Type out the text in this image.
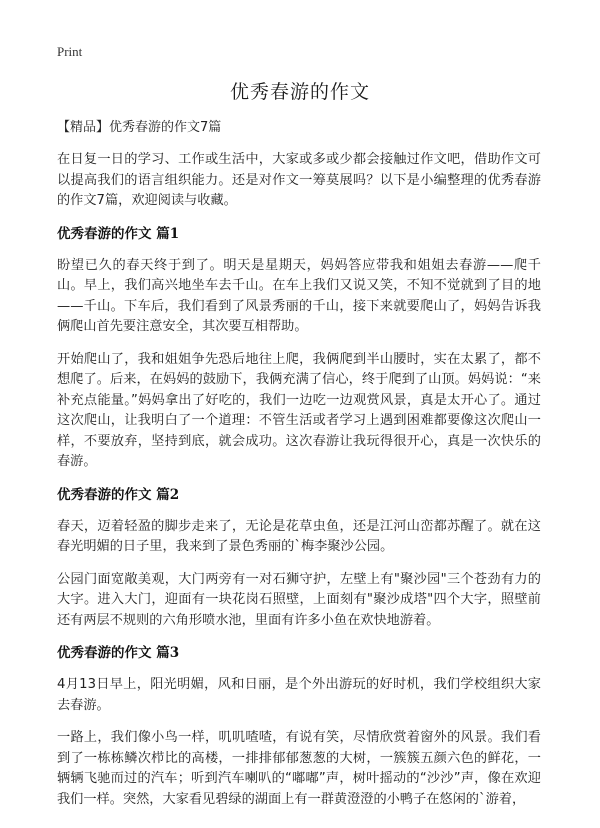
Print
优秀春游的作文
【精品】优秀春游的作文7篇

在日复一日的学习、工作或生活中，大家或多或少都会接触过作文吧，借助作文可以提高我们的语言组织能力。还是对作文一筹莫展吗？以下是小编整理的优秀春游的作文7篇，欢迎阅读与收藏。

优秀春游的作文 篇1

盼望已久的春天终于到了。明天是星期天，妈妈答应带我和姐姐去春游——爬千山。早上，我们高兴地坐车去千山。在车上我们又说又笑，不知不觉就到了目的地——千山。下车后，我们看到了风景秀丽的千山，接下来就要爬山了，妈妈告诉我俩爬山首先要注意安全，其次要互相帮助。

开始爬山了，我和姐姐争先恐后地往上爬，我俩爬到半山腰时，实在太累了，都不想爬了。后来，在妈妈的鼓励下，我俩充满了信心，终于爬到了山顶。妈妈说：“来补充点能量。”妈妈拿出了好吃的，我们一边吃一边观赏风景，真是太开心了。通过这次爬山，让我明白了一个道理：不管生活或者学习上遇到困难都要像这次爬山一样，不要放弃，坚持到底，就会成功。这次春游让我玩得很开心，真是一次快乐的春游。

优秀春游的作文 篇2

春天，迈着轻盈的脚步走来了，无论是花草虫鱼，还是江河山峦都苏醒了。就在这春光明媚的日子里，我来到了景色秀丽的`梅李聚沙公园。

公园门面宽敞美观，大门两旁有一对石狮守护，左壁上有"聚沙园"三个苍劲有力的大字。进入大门，迎面有一块花岗石照壁，上面刻有"聚沙成塔"四个大字，照壁前还有两层不规则的六角形喷水池，里面有许多小鱼在欢快地游着。

优秀春游的作文 篇3

4月13日早上，阳光明媚，风和日丽，是个外出游玩的好时机，我们学校组织大家去春游。

一路上，我们像小鸟一样，叽叽喳喳，有说有笑，尽情欣赏着窗外的风景。我们看到了一栋栋鳞次栉比的高楼，一排排郁郁葱葱的大树，一簇簇五颜六色的鲜花，一辆辆飞驰而过的汽车；听到汽车喇叭的“嘟嘟”声，树叶摇动的“沙沙”声，像在欢迎我们一样。突然，大家看见碧绿的湖面上有一群黄澄澄的小鸭子在悠闲的`游着，
